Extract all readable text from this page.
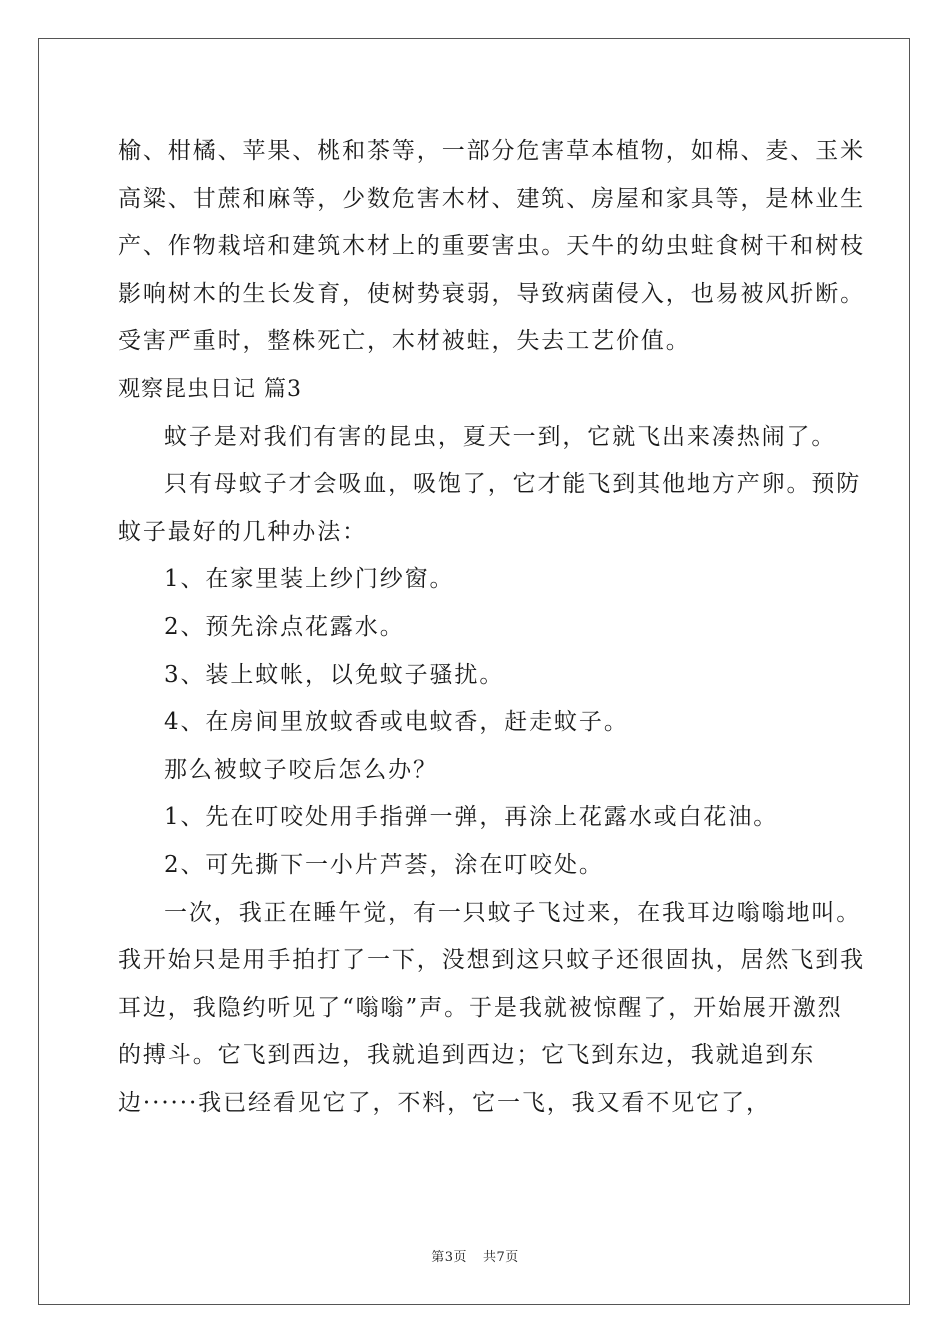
榆、柑橘、苹果、桃和茶等，一部分危害草本植物，如棉、麦、玉米

高粱、甘蔗和麻等，少数危害木材、建筑、房屋和家具等，是林业生

产、作物栽培和建筑木材上的重要害虫。天牛的幼虫蛀食树干和树枝

影响树木的生长发育，使树势衰弱，导致病菌侵入，也易被风折断。

受害严重时，整株死亡，木材被蛀，失去工艺价值。

观察昆虫日记 篇3

蚊子是对我们有害的昆虫，夏天一到，它就飞出来凑热闹了。

只有母蚊子才会吸血，吸饱了，它才能飞到其他地方产卵。预防

蚊子最好的几种办法：

1、在家里装上纱门纱窗。

2、预先涂点花露水。

3、装上蚊帐，以免蚊子骚扰。

4、在房间里放蚊香或电蚊香，赶走蚊子。

那么被蚊子咬后怎么办？

1、先在叮咬处用手指弹一弹，再涂上花露水或白花油。

2、可先撕下一小片芦荟，涂在叮咬处。

一次，我正在睡午觉，有一只蚊子飞过来，在我耳边嗡嗡地叫。

我开始只是用手拍打了一下，没想到这只蚊子还很固执，居然飞到我

耳边，我隐约听见了“嗡嗡”声。于是我就被惊醒了，开始展开激烈

的搏斗。它飞到西边，我就追到西边；它飞到东边，我就追到东

边······我已经看见它了，不料，它一飞，我又看不见它了，

第3页 共7页
